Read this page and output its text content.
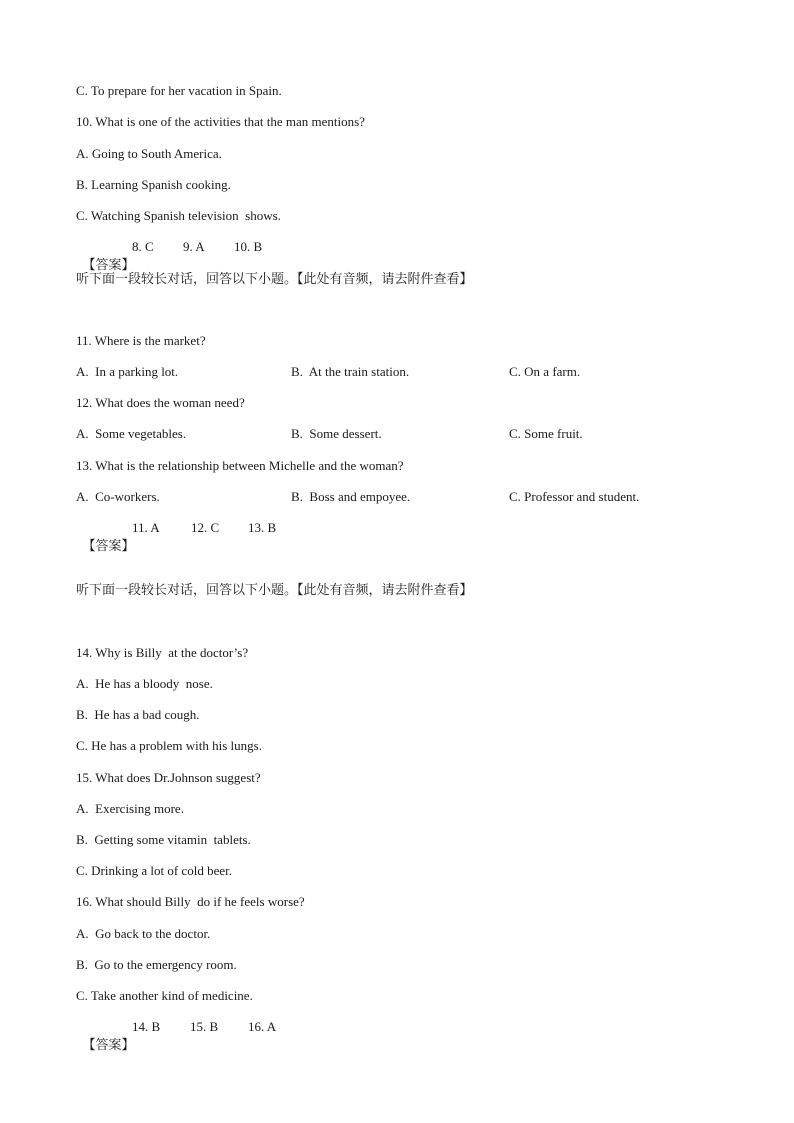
C. To prepare for her vacation in Spain.
10. What is one of the activities that the man mentions?
A. Going to South America.
B. Learning Spanish cooking.
C. Watching Spanish television  shows.

【答案】

8. C

9. A

10. B

听下面一段较长对话，回答以下小题。【此处有音频，请去附件查看】
11. Where is the market?
A.  In a parking lot.	B.  At the train station.	C. On a farm.
12. What does the woman need?
A.  Some vegetables.	B.  Some dessert.	C. Some fruit.
13. What is the relationship between Michelle and the woman?
A.  Co-workers.	B.  Boss and empoyee.	C. Professor and student.

【答案】

11. A

12. C

13. B

听下面一段较长对话，回答以下小题。【此处有音频，请去附件查看】
14. Why is Billy  at the doctor’s?
A.  He has a bloody  nose.
B.  He has a bad cough.
C. He has a problem with his lungs.
15. What does Dr.Johnson suggest?
A.  Exercising more.
B.  Getting some vitamin  tablets.
C. Drinking a lot of cold beer.
16. What should Billy  do if he feels worse?
A.  Go back to the doctor.
B.  Go to the emergency room.
C. Take another kind of medicine.

【答案】

14. B

15. B

16. A
